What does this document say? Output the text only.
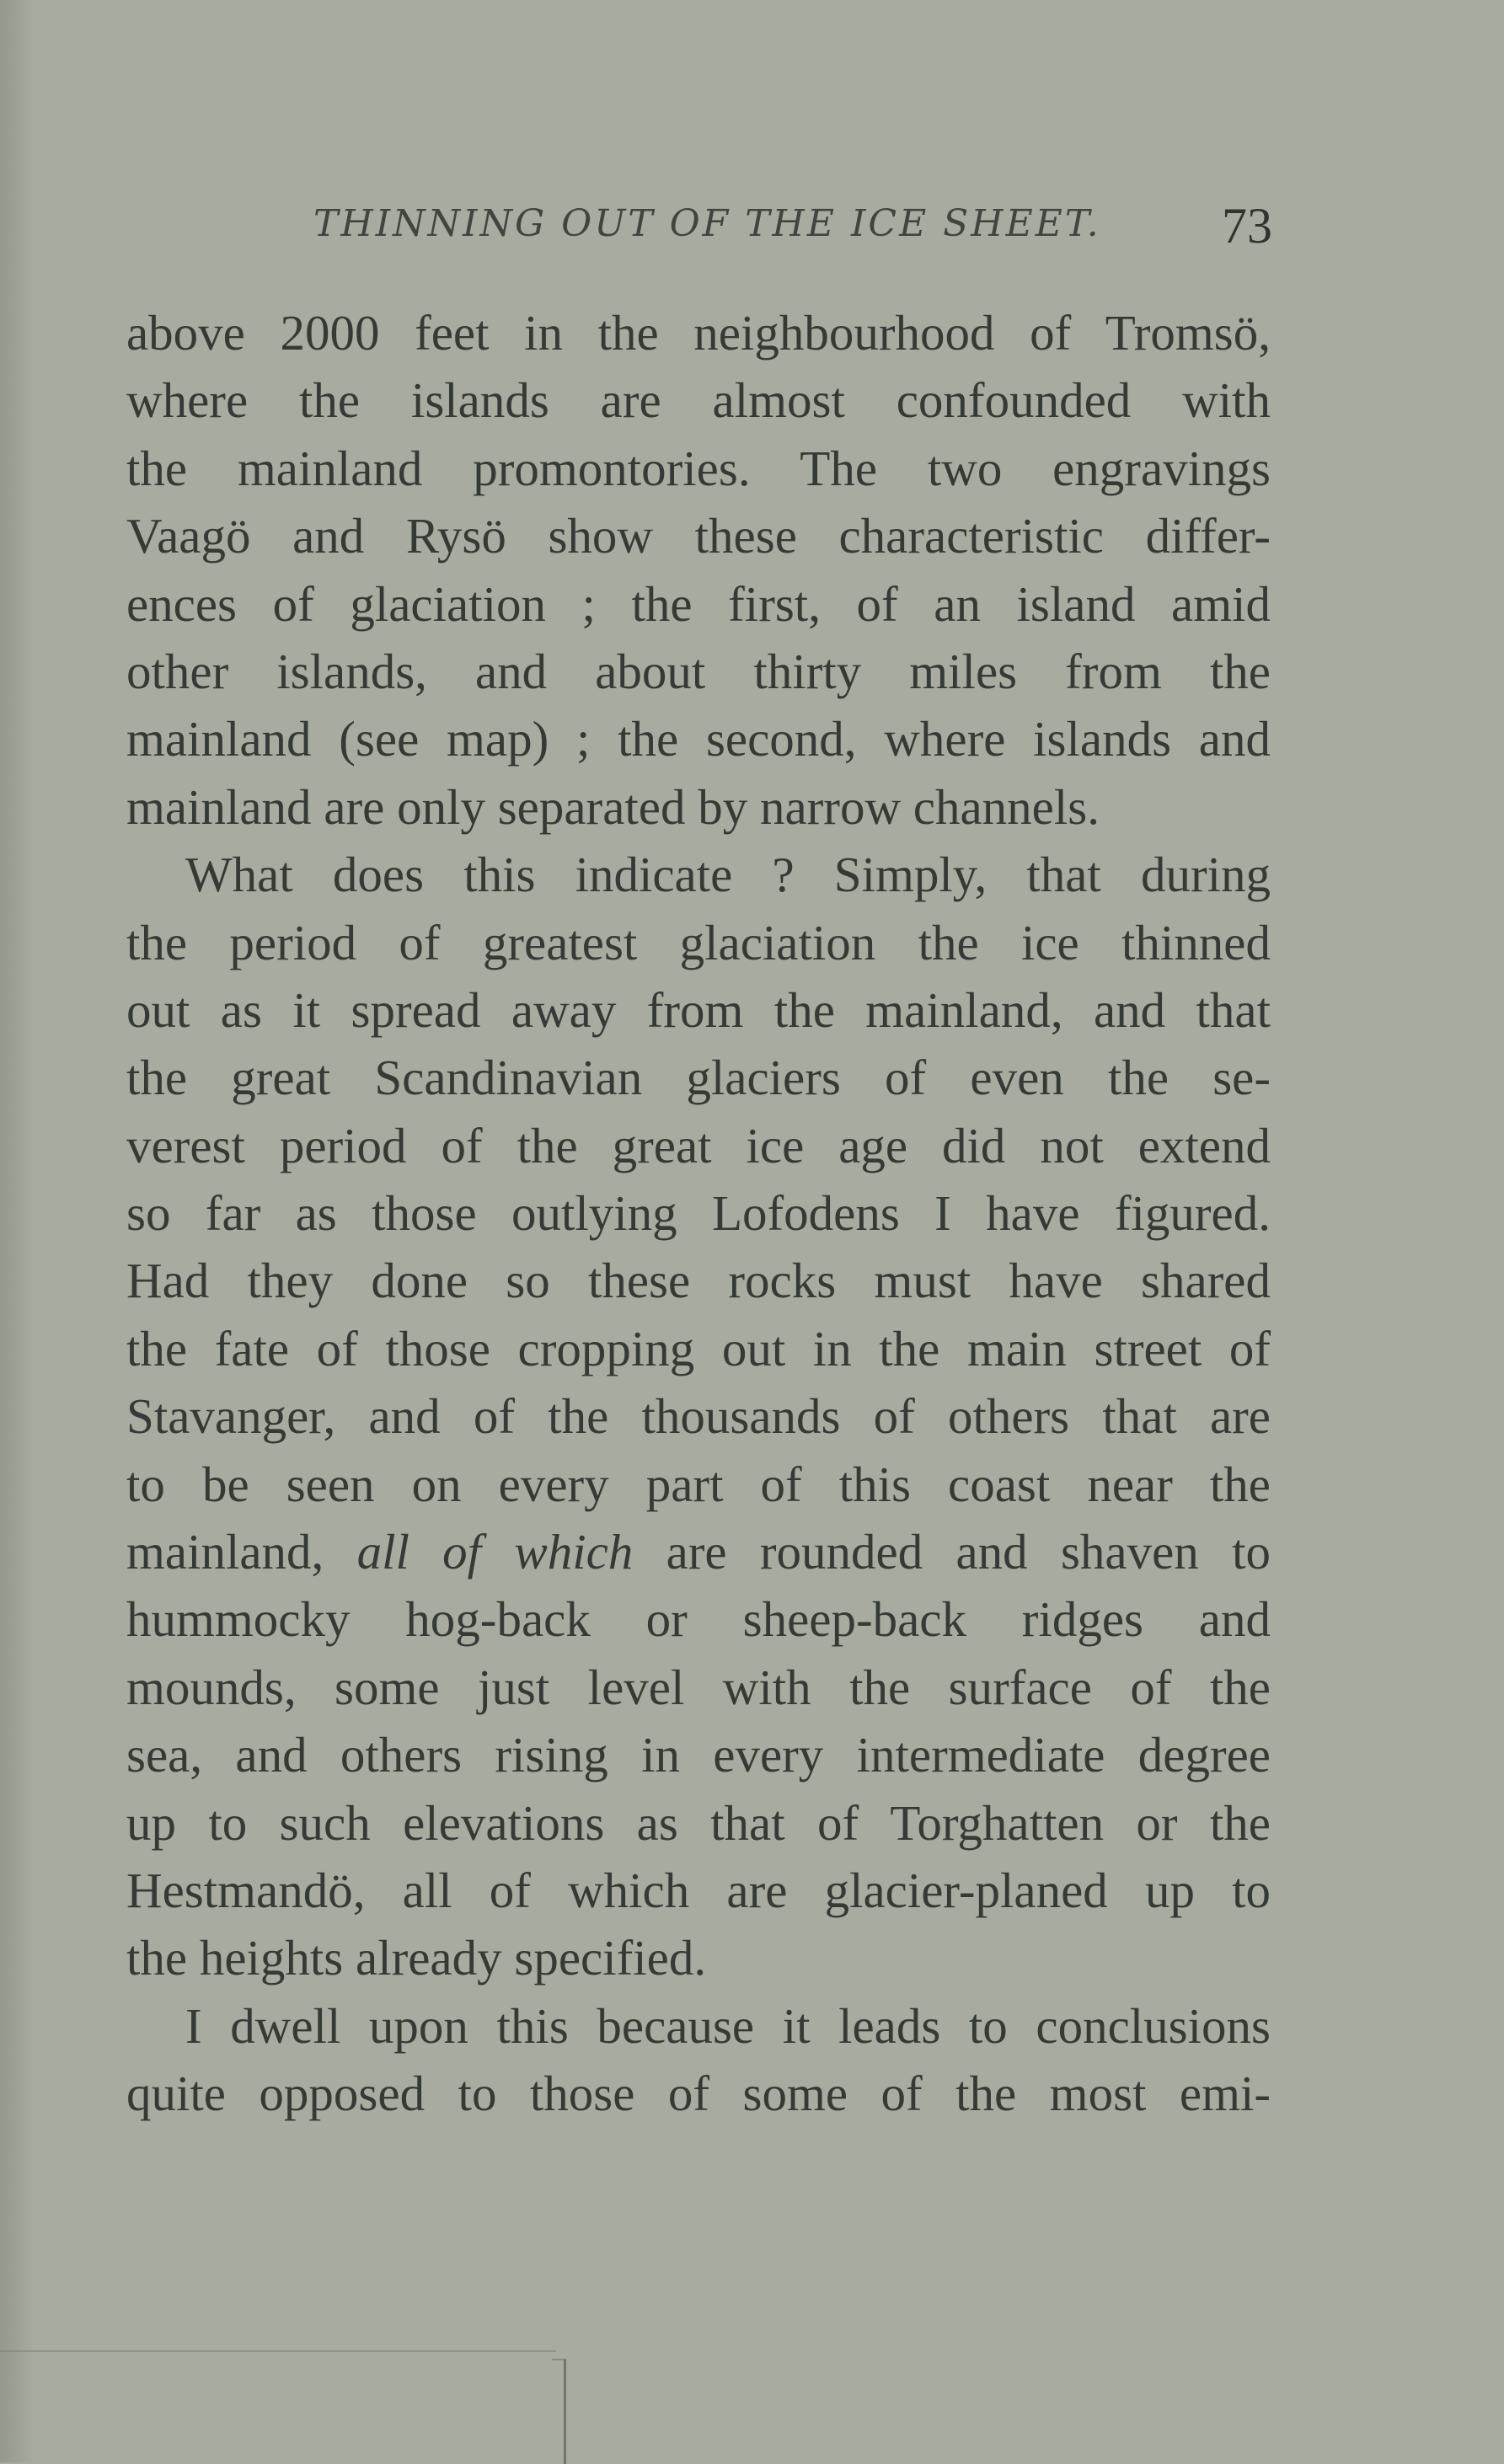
THINNING OUT OF THE ICE SHEET. 73
above 2000 feet in the neighbourhood of Tromsö,
where the islands are almost confounded with
the mainland promontories. The two engravings
Vaagö and Rysö show these characteristic differ-
ences of glaciation ; the first, of an island amid
other islands, and about thirty miles from the
mainland (see map) ; the second, where islands and
mainland are only separated by narrow channels.
What does this indicate ? Simply, that during
the period of greatest glaciation the ice thinned
out as it spread away from the mainland, and that
the great Scandinavian glaciers of even the se-
verest period of the great ice age did not extend
so far as those outlying Lofodens I have figured.
Had they done so these rocks must have shared
the fate of those cropping out in the main street of
Stavanger, and of the thousands of others that are
to be seen on every part of this coast near the
mainland, all of which are rounded and shaven to
hummocky hog-back or sheep-back ridges and
mounds, some just level with the surface of the
sea, and others rising in every intermediate degree
up to such elevations as that of Torghatten or the
Hestmandö, all of which are glacier-planed up to
the heights already specified.
I dwell upon this because it leads to conclusions
quite opposed to those of some of the most emi-
